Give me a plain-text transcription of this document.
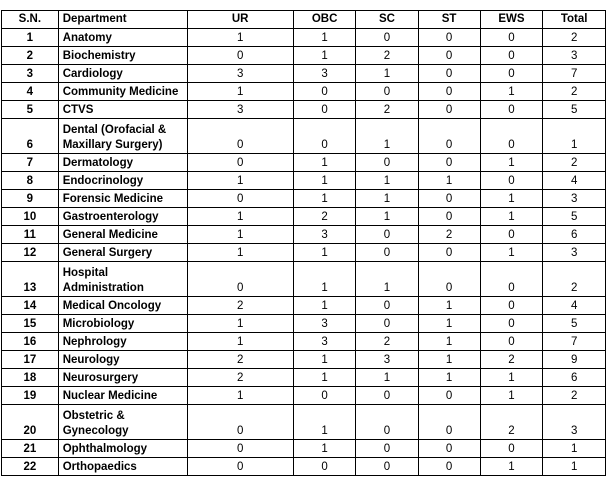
S.N.	Department	UR	OBC	SC	ST	EWS	Total
1	Anatomy	1	1	0	0	0	2
2	Biochemistry	0	1	2	0	0	3
3	Cardiology	3	3	1	0	0	7
4	Community Medicine	1	0	0	0	1	2
5	CTVS	3	0	2	0	0	5
6	Dental (Orofacial & Maxillary Surgery)	0	0	1	0	0	1
7	Dermatology	0	1	0	0	1	2
8	Endocrinology	1	1	1	1	0	4
9	Forensic Medicine	0	1	1	0	1	3
10	Gastroenterology	1	2	1	0	1	5
11	General Medicine	1	3	0	2	0	6
12	General Surgery	1	1	0	0	1	3
13	Hospital Administration	0	1	1	0	0	2
14	Medical Oncology	2	1	0	1	0	4
15	Microbiology	1	3	0	1	0	5
16	Nephrology	1	3	2	1	0	7
17	Neurology	2	1	3	1	2	9
18	Neurosurgery	2	1	1	1	1	6
19	Nuclear Medicine	1	0	0	0	1	2
20	Obstetric & Gynecology	0	1	0	0	2	3
21	Ophthalmology	0	1	0	0	0	1
22	Orthopaedics	0	0	0	0	1	1
